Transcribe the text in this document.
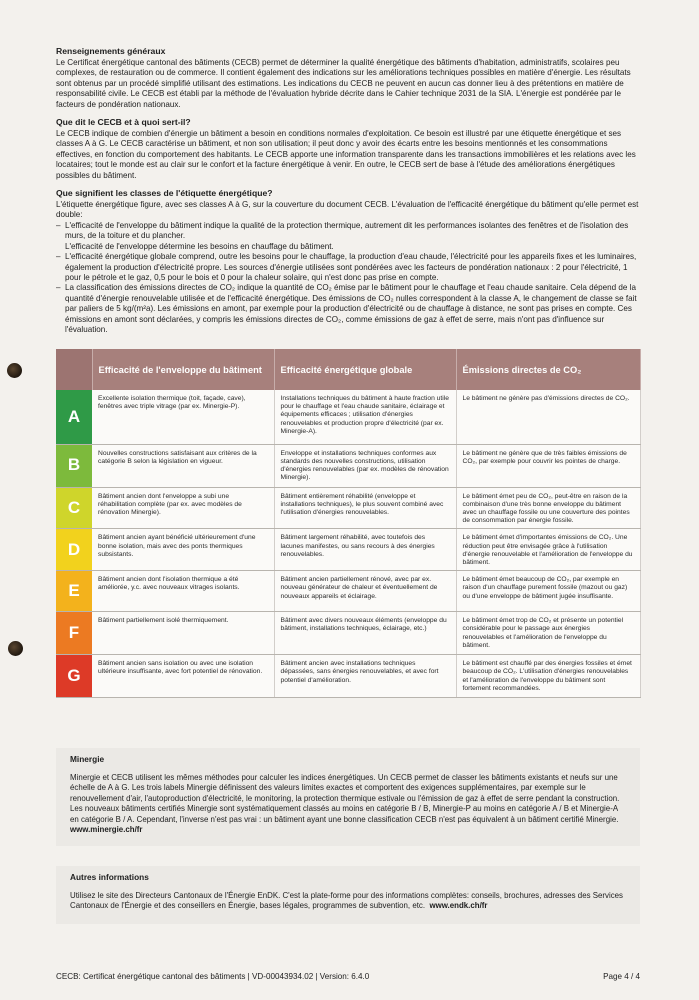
Renseignements généraux

Le Certificat énergétique cantonal des bâtiments (CECB) permet de déterminer la qualité énergétique des bâtiments d'habitation, administratifs, scolaires peu complexes, de restauration ou de commerce. Il contient également des indications sur les améliorations techniques possibles en matière d'énergie. Les résultats sont obtenus par un procédé simplifié utilisant des estimations. Les indications du CECB ne peuvent en aucun cas donner lieu à des prétentions en matière de responsabilité civile. Le CECB est établi par la méthode de l'évaluation hybride décrite dans le Cahier technique 2031 de la SIA. L'énergie est pondérée par le facteurs de pondération nationaux.

Que dit le CECB et à quoi sert-il?

Le CECB indique de combien d'énergie un bâtiment a besoin en conditions normales d'exploitation. Ce besoin est illustré par une étiquette énergétique et ses classes A à G. Le CECB caractérise un bâtiment, et non son utilisation; il peut donc y avoir des écarts entre les besoins mentionnés et les consommations effectives, en fonction du comportement des habitants. Le CECB apporte une information transparente dans les transactions immobilières et les relations avec les locataires; tout le monde est au clair sur le confort et la facture énergétique à venir. En outre, le CECB sert de base à l'étude des améliorations énergétiques possibles du bâtiment.

Que signifient les classes de l'étiquette énergétique?

L'étiquette énergétique figure, avec ses classes A à G, sur la couverture du document CECB. L'évaluation de l'efficacité énergétique du bâtiment qu'elle permet est double:

– L'efficacité de l'enveloppe du bâtiment indique la qualité de la protection thermique, autrement dit les performances isolantes des fenêtres et de l'isolation des murs, de la toiture et du plancher.
L'efficacité de l'enveloppe détermine les besoins en chauffage du bâtiment.
– L'efficacité énergétique globale comprend, outre les besoins pour le chauffage, la production d'eau chaude, l'électricité pour les appareils fixes et les luminaires, également la production d'électricité propre. Les sources d'énergie utilisées sont pondérées avec les facteurs de pondération nationaux : 2 pour l'électricité, 1 pour le pétrole et le gaz, 0,5 pour le bois et 0 pour la chaleur solaire, qui n'est donc pas prise en compte.
– La classification des émissions directes de CO₂ indique la quantité de CO₂ émise par le bâtiment pour le chauffage et l'eau chaude sanitaire. Cela dépend de la quantité d'énergie renouvelable utilisée et de l'efficacité énergétique. Des émissions de CO₂ nulles correspondent à la classe A, le changement de classe se fait par paliers de 5 kg/(m²a). Les émissions en amont, par exemple pour la production d'électricité ou de chauffage à distance, ne sont pas prises en compte. Ces émissions en amont sont déclarées, y compris les émissions directes de CO₂, comme émissions de gaz à effet de serre, mais n'ont pas d'influence sur l'évaluation.
	Efficacité de l'enveloppe du bâtiment	Efficacité énergétique globale	Émissions directes de CO₂
A	Excellente isolation thermique (toit, façade, cave), fenêtres avec triple vitrage (par ex. Minergie-P).	Installations techniques du bâtiment à haute fraction utile pour le chauffage et l'eau chaude sanitaire, éclairage et équipements efficaces ; utilisation d'énergies renouvelables et production propre d'électricité (par ex. Minergie-A).	Le bâtiment ne génère pas d'émissions directes de CO₂.
B	Nouvelles constructions satisfaisant aux critères de la catégorie B selon la législation en vigueur.	Enveloppe et installations techniques conformes aux standards des nouvelles constructions, utilisation d'énergies renouvelables (par ex. modèles de rénovation Minergie).	Le bâtiment ne génère que de très faibles émissions de CO₂, par exemple pour couvrir les pointes de charge.
C	Bâtiment ancien dont l'enveloppe a subi une réhabilitation complète (par ex. avec modèles de rénovation Minergie).	Bâtiment entièrement réhabilité (enveloppe et installations techniques), le plus souvent combiné avec l'utilisation d'énergies renouvelables.	Le bâtiment émet peu de CO₂, peut-être en raison de la combinaison d'une très bonne enveloppe du bâtiment avec un chauffage fossile ou une couverture des pointes de consommation par énergie fossile.
D	Bâtiment ancien ayant bénéficié ultérieurement d'une bonne isolation, mais avec des ponts thermiques subsistants.	Bâtiment largement réhabilité, avec toutefois des lacunes manifestes, ou sans recours à des énergies renouvelables.	Le bâtiment émet d'importantes émissions de CO₂. Une réduction peut être envisagée grâce à l'utilisation d'énergie renouvelable et l'amélioration de l'enveloppe du bâtiment.
E	Bâtiment ancien dont l'isolation thermique a été améliorée, y.c. avec nouveaux vitrages isolants.	Bâtiment ancien partiellement rénové, avec par ex. nouveau générateur de chaleur et éventuellement de nouveaux appareils et éclairage.	Le bâtiment émet beaucoup de CO₂, par exemple en raison d'un chauffage purement fossile (mazout ou gaz) ou d'une enveloppe de bâtiment jugée insuffisante.
F	Bâtiment partiellement isolé thermiquement.	Bâtiment avec divers nouveaux éléments (enveloppe du bâtiment, installations techniques, éclairage, etc.)	Le bâtiment émet trop de CO₂ et présente un potentiel considérable pour le passage aux énergies renouvelables et l'amélioration de l'enveloppe du bâtiment.
G	Bâtiment ancien sans isolation ou avec une isolation ultérieure insuffisante, avec fort potentiel de rénovation.	Bâtiment ancien avec installations techniques dépassées, sans énergies renouvelables, et avec fort potentiel d'amélioration.	Le bâtiment est chauffé par des énergies fossiles et émet beaucoup de CO₂. L'utilisation d'énergies renouvelables et l'amélioration de l'enveloppe du bâtiment sont fortement recommandées.
Minergie

Minergie et CECB utilisent les mêmes méthodes pour calculer les indices énergétiques. Un CECB permet de classer les bâtiments existants et neufs sur une échelle de A à G. Les trois labels Minergie définissent des valeurs limites exactes et comportent des exigences supplémentaires, par exemple sur le renouvellement d'air, l'autoproduction d'électricité, le monitoring, la protection thermique estivale ou l'émission de gaz à effet de serre pendant la construction. Les nouveaux bâtiments certifiés Minergie sont systématiquement classés au moins en catégorie B / B, Minergie-P au moins en catégorie A / B et Minergie-A en catégorie B / A. Cependant, l'inverse n'est pas vrai : un bâtiment ayant une bonne classification CECB n'est pas équivalent à un bâtiment certifié Minergie.
www.minergie.ch/fr

Autres informations

Utilisez le site des Directeurs Cantonaux de l'Énergie EnDK. C'est la plate-forme pour des informations complètes: conseils, brochures, adresses des Services Cantonaux de l'Énergie et des conseillers en Énergie, bases légales, programmes de subvention, etc. www.endk.ch/fr

CECB: Certificat énergétique cantonal des bâtiments | VD-00043934.02 | Version: 6.4.0	Page 4 / 4
